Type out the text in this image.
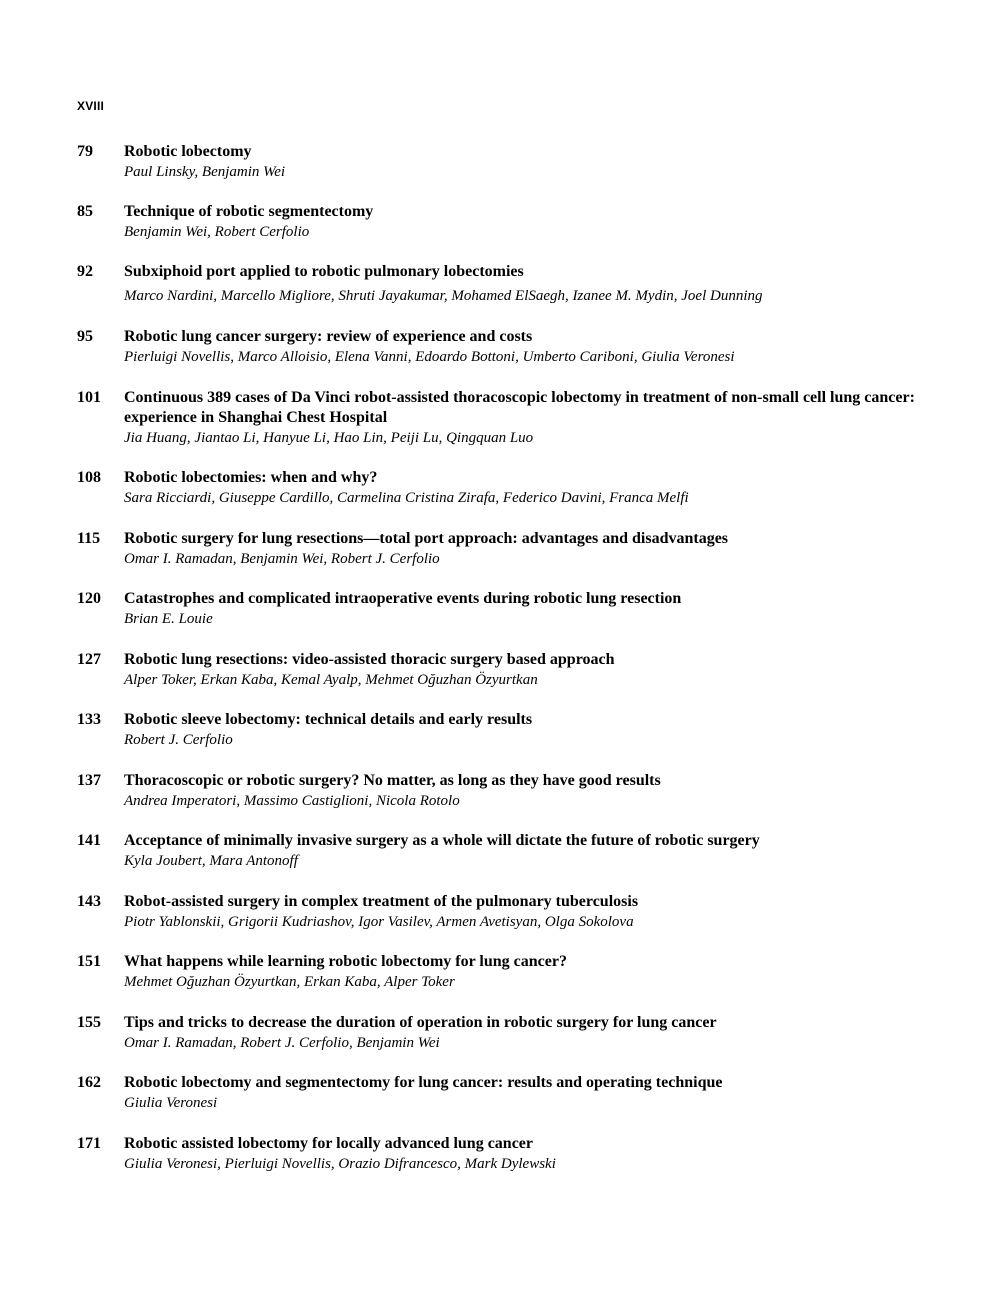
XVIII
79 Robotic lobectomy
Paul Linsky, Benjamin Wei
85 Technique of robotic segmentectomy
Benjamin Wei, Robert Cerfolio
92 Subxiphoid port applied to robotic pulmonary lobectomies
Marco Nardini, Marcello Migliore, Shruti Jayakumar, Mohamed ElSaegh, Izanee M. Mydin, Joel Dunning
95 Robotic lung cancer surgery: review of experience and costs
Pierluigi Novellis, Marco Alloisio, Elena Vanni, Edoardo Bottoni, Umberto Cariboni, Giulia Veronesi
101 Continuous 389 cases of Da Vinci robot-assisted thoracoscopic lobectomy in treatment of non-small cell lung cancer: experience in Shanghai Chest Hospital
Jia Huang, Jiantao Li, Hanyue Li, Hao Lin, Peiji Lu, Qingquan Luo
108 Robotic lobectomies: when and why?
Sara Ricciardi, Giuseppe Cardillo, Carmelina Cristina Zirafa, Federico Davini, Franca Melfi
115 Robotic surgery for lung resections—total port approach: advantages and disadvantages
Omar I. Ramadan, Benjamin Wei, Robert J. Cerfolio
120 Catastrophes and complicated intraoperative events during robotic lung resection
Brian E. Louie
127 Robotic lung resections: video-assisted thoracic surgery based approach
Alper Toker, Erkan Kaba, Kemal Ayalp, Mehmet Oğuzhan Özyurtkan
133 Robotic sleeve lobectomy: technical details and early results
Robert J. Cerfolio
137 Thoracoscopic or robotic surgery? No matter, as long as they have good results
Andrea Imperatori, Massimo Castiglioni, Nicola Rotolo
141 Acceptance of minimally invasive surgery as a whole will dictate the future of robotic surgery
Kyla Joubert, Mara Antonoff
143 Robot-assisted surgery in complex treatment of the pulmonary tuberculosis
Piotr Yablonskii, Grigorii Kudriashov, Igor Vasilev, Armen Avetisyan, Olga Sokolova
151 What happens while learning robotic lobectomy for lung cancer?
Mehmet Oğuzhan Özyurtkan, Erkan Kaba, Alper Toker
155 Tips and tricks to decrease the duration of operation in robotic surgery for lung cancer
Omar I. Ramadan, Robert J. Cerfolio, Benjamin Wei
162 Robotic lobectomy and segmentectomy for lung cancer: results and operating technique
Giulia Veronesi
171 Robotic assisted lobectomy for locally advanced lung cancer
Giulia Veronesi, Pierluigi Novellis, Orazio Difrancesco, Mark Dylewski
